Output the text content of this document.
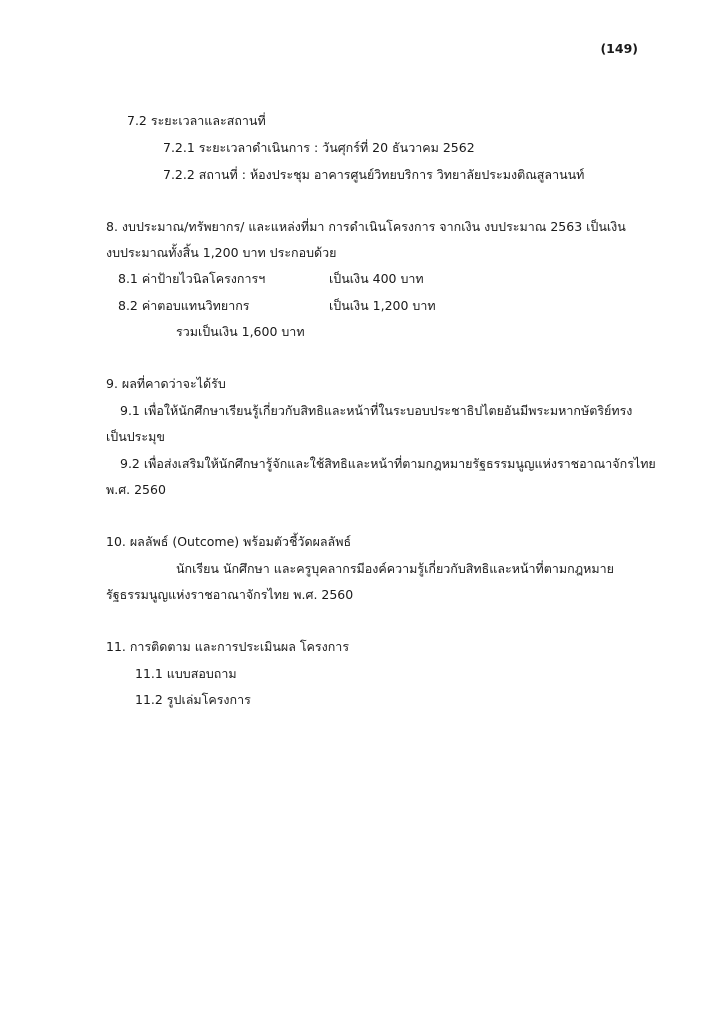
(149)
7.2 ระยะเวลาและสถานที่
7.2.1 ระยะเวลาดำเนินการ : วันศุกร์ที่ 20 ธันวาคม 2562
7.2.2 สถานที่ : ห้องประชุม อาคารศูนย์วิทยบริการ วิทยาลัยประมงติณสูลานนท์
8. งบประมาณ/ทรัพยากร/ และแหล่งที่มา การดำเนินโครงการ จากเงิน งบประมาณ 2563 เป็นเงิน
งบประมาณทั้งสิ้น 1,200 บาท ประกอบด้วย
8.1 ค่าป้ายไวนิลโครงการฯ	เป็นเงิน 400 บาท
8.2 ค่าตอบแทนวิทยากร	เป็นเงิน 1,200 บาท
รวมเป็นเงิน 1,600 บาท
9. ผลที่คาดว่าจะได้รับ
9.1 เพื่อให้นักศึกษาเรียนรู้เกี่ยวกับสิทธิและหน้าที่ในระบอบประชาธิปไตยอันมีพระมหากษัตริย์ทรง
เป็นประมุข
9.2 เพื่อส่งเสริมให้นักศึกษารู้จักและใช้สิทธิและหน้าที่ตามกฎหมายรัฐธรรมนูญแห่งราชอาณาจักรไทย
พ.ศ. 2560
10. ผลลัพธ์ (Outcome) พร้อมตัวชี้วัดผลลัพธ์
นักเรียน นักศึกษา และครูบุคลากรมีองค์ความรู้เกี่ยวกับสิทธิและหน้าที่ตามกฎหมาย
รัฐธรรมนูญแห่งราชอาณาจักรไทย พ.ศ. 2560
11. การติดตาม และการประเมินผล โครงการ
11.1 แบบสอบถาม
11.2 รูปเล่มโครงการ
